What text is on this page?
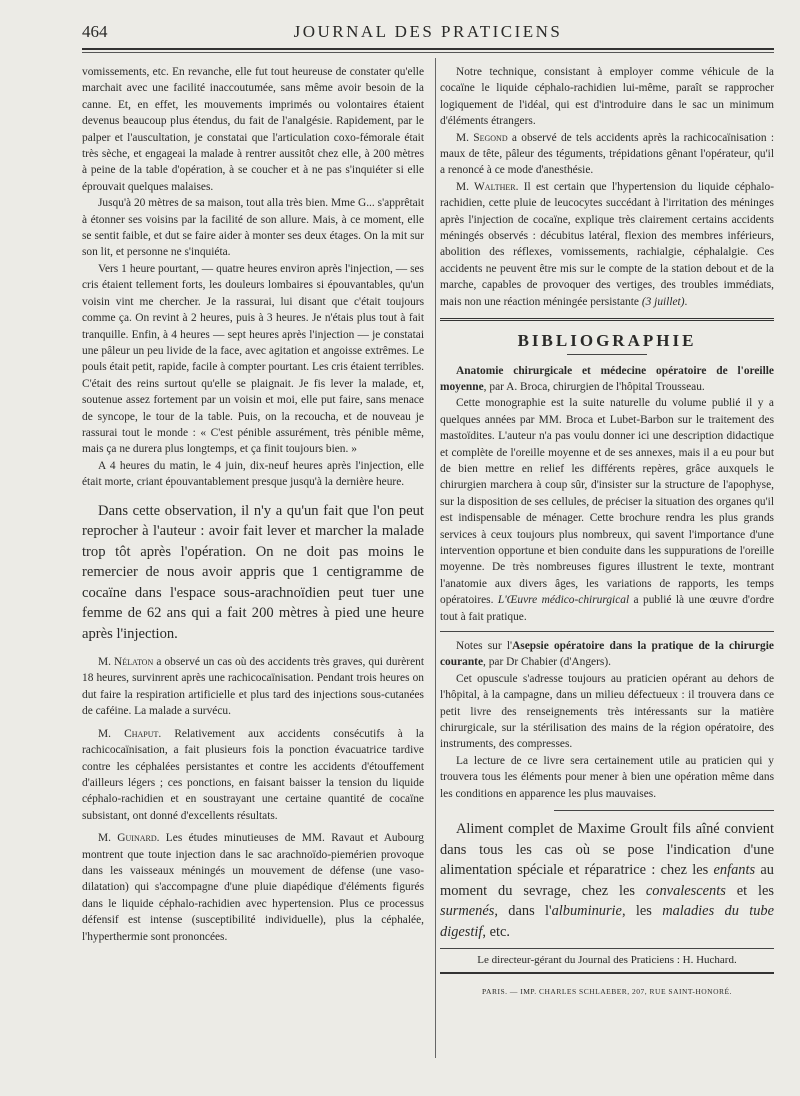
464	JOURNAL DES PRATICIENS

vomissements, etc. En revanche, elle fut tout heureuse de constater qu'elle marchait avec une facilité inaccoutumée, sans même avoir besoin de la canne. Et, en effet, les mouvements imprimés ou volontaires étaient devenus beaucoup plus étendus, du fait de l'analgésie. Rapidement, par le palper et l'auscultation, je constatai que l'articulation coxo-fémorale était très sèche, et engageai la malade à rentrer aussitôt chez elle, à 200 mètres à peine de la table d'opération, à se coucher et à ne pas s'inquiéter si elle éprouvait quelques malaises.

Jusqu'à 20 mètres de sa maison, tout alla très bien. Mme G... s'apprêtait à étonner ses voisins par la facilité de son allure. Mais, à ce moment, elle se sentit faible, et dut se faire aider à monter ses deux étages. On la mit sur son lit, et personne ne s'inquiéta.

Vers 1 heure pourtant, — quatre heures environ après l'injection, — ses cris étaient tellement forts, les douleurs lombaires si épouvantables, qu'un voisin vint me chercher. Je la rassurai, lui disant que c'était toujours comme ça. On revint à 2 heures, puis à 3 heures. Je n'étais plus tout à fait tranquille. Enfin, à 4 heures — sept heures après l'injection — je constatai une pâleur un peu livide de la face, avec agitation et angoisse extrêmes. Le pouls était petit, rapide, facile à compter pourtant. Les cris étaient terribles. C'était des reins surtout qu'elle se plaignait. Je fis lever la malade, et, soutenue assez fortement par un voisin et moi, elle put faire, sans menace de syncope, le tour de la table. Puis, on la recoucha, et de nouveau je rassurai tout le monde : « C'est pénible assurément, très pénible même, mais ça ne durera plus longtemps, et ça finit toujours bien. »

A 4 heures du matin, le 4 juin, dix-neuf heures après l'injection, elle était morte, criant épouvantablement presque jusqu'à la dernière heure.

Dans cette observation, il n'y a qu'un fait que l'on peut reprocher à l'auteur : avoir fait lever et marcher la malade trop tôt après l'opération. On ne doit pas moins le remercier de nous avoir appris que 1 centigramme de cocaïne dans l'espace sous-arachnoïdien peut tuer une femme de 62 ans qui a fait 200 mètres à pied une heure après l'injection.

M. Nélaton a observé un cas où des accidents très graves, qui durèrent 18 heures, survinrent après une rachicocaïnisation. Pendant trois heures on dut faire la respiration artificielle et plus tard des injections sous-cutanées de caféine. La malade a survécu.

M. Chaput. Relativement aux accidents consécutifs à la rachicocaïnisation, a fait plusieurs fois la ponction évacuatrice tardive contre les céphalées persistantes et contre les accidents d'étouffement d'ailleurs légers ; ces ponctions, en faisant baisser la tension du liquide céphalo-rachidien et en soustrayant une certaine quantité de cocaïne subsistant, ont donné d'excellents résultats.

M. Guinard. Les études minutieuses de MM. Ravaut et Aubourg montrent que toute injection dans le sac arachnoïdo-piemérien provoque dans les vaisseaux méningés un mouvement de défense (une vaso-dilatation) qui s'accompagne d'une pluie diapédique d'éléments figurés dans le liquide céphalo-rachidien avec hypertension. Plus ce processus défensif est intense (susceptibilité individuelle), plus la céphalée, l'hyperthermie sont prononcées.

Notre technique, consistant à employer comme véhicule de la cocaïne le liquide céphalo-rachidien lui-même, paraît se rapprocher logiquement de l'idéal, qui est d'introduire dans le sac un minimum d'éléments étrangers.

M. Segond a observé de tels accidents après la rachicocaïnisation : maux de tête, pâleur des téguments, trépidations gênant l'opérateur, qu'il a renoncé à ce mode d'anesthésie.

M. Walther. Il est certain que l'hypertension du liquide céphalo-rachidien, cette pluie de leucocytes succédant à l'irritation des méninges après l'injection de cocaïne, explique très clairement certains accidents méningés observés : décubitus latéral, flexion des membres inférieurs, abolition des réflexes, vomissements, rachialgie, céphalalgie. Ces accidents ne peuvent être mis sur le compte de la station debout et de la marche, capables de provoquer des vertiges, des troubles immédiats, mais non une réaction méningée persistante (3 juillet).

BIBLIOGRAPHIE

Anatomie chirurgicale et médecine opératoire de l'oreille moyenne, par A. Broca, chirurgien de l'hôpital Trousseau.

Cette monographie est la suite naturelle du volume publié il y a quelques années par MM. Broca et Lubet-Barbon sur le traitement des mastoïdites. L'auteur n'a pas voulu donner ici une description didactique et complète de l'oreille moyenne et de ses annexes, mais il a eu pour but de bien mettre en relief les différents repères, grâce auxquels le chirurgien marchera à coup sûr, d'insister sur la structure de l'apophyse, sur la disposition de ses cellules, de préciser la situation des organes qu'il est indispensable de ménager. Cette brochure rendra les plus grands services à ceux toujours plus nombreux, qui savent l'importance d'une intervention opportune et bien conduite dans les suppurations de l'oreille moyenne. De très nombreuses figures illustrent le texte, montrant l'anatomie aux divers âges, les variations de rapports, les temps opératoires. L'Œuvre médico-chirurgical a publié là une œuvre d'ordre tout à fait pratique.

Notes sur l'Asepsie opératoire dans la pratique de la chirurgie courante, par Dr Chabier (d'Angers).

Cet opuscule s'adresse toujours au praticien opérant au dehors de l'hôpital, à la campagne, dans un milieu défectueux : il trouvera dans ce petit livre des renseignements très intéressants sur la matière chirurgicale, sur la stérilisation des mains de la région opératoire, des instruments, des compresses.

La lecture de ce livre sera certainement utile au praticien qui y trouvera tous les éléments pour mener à bien une opération même dans les conditions en apparence les plus mauvaises.

Aliment complet de Maxime Groult fils aîné convient dans tous les cas où se pose l'indication d'une alimentation spéciale et réparatrice : chez les enfants au moment du sevrage, chez les convalescents et les surmenés, dans l'albuminurie, les maladies du tube digestif, etc.

Le directeur-gérant du Journal des Praticiens : H. Huchard.
PARIS. — IMP. CHARLES SCHLAEBER, 207, RUE SAINT-HONORÉ.
